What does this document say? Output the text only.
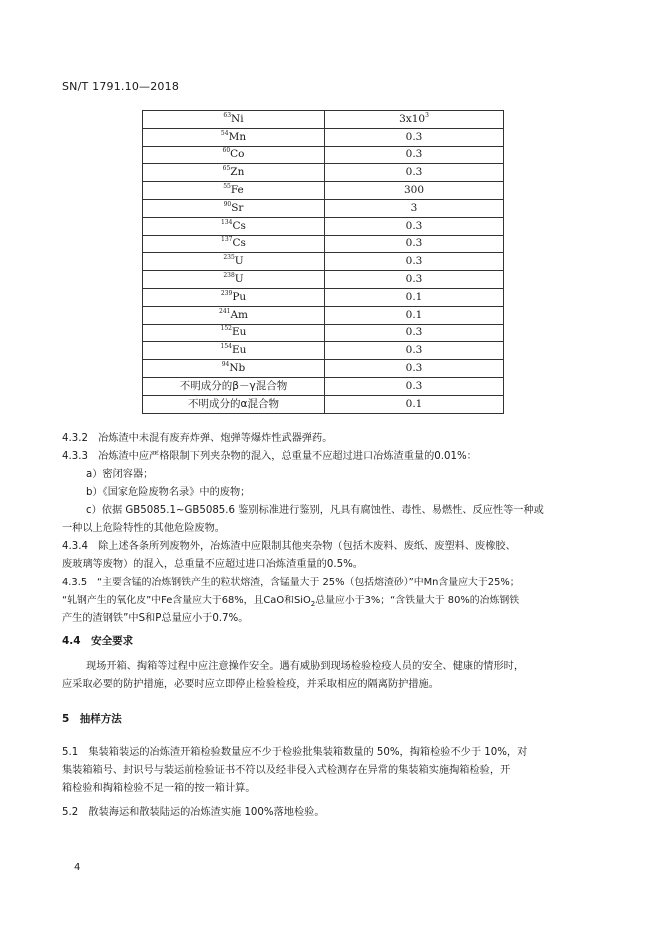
SN/T 1791.10—2018
$^{63}$Ni	$3x10^3$
$^{54}$Mn	0.3
$^{60}$Co	0.3
$^{65}$Zn	0.3
$^{55}$Fe	300
$^{90}$Sr	3
$^{134}$Cs	0.3
$^{137}$Cs	0.3
$^{235}$U	0.3
$^{238}$U	0.3
$^{239}$Pu	0.1
$^{241}$Am	0.1
$^{152}$Eu	0.3
$^{154}$Eu	0.3
$^{94}$Nb	0.3
不明成分的β－γ混合物	0.3
不明成分的α混合物	0.1
4.3.2　冶炼渣中未混有废弃炸弹、炮弹等爆炸性武器弹药。
4.3.3　冶炼渣中应严格限制下列夹杂物的混入，总重量不应超过进口冶炼渣重量的0.01%：
a）密闭容器；
b）《国家危险废物名录》中的废物；
c）依据 GB5085.1~GB5085.6 鉴别标准进行鉴别，凡具有腐蚀性、毒性、易燃性、反应性等一种或
一种以上危险特性的其他危险废物。
4.3.4　除上述各条所列废物外，冶炼渣中应限制其他夹杂物（包括木废料、废纸、废塑料、废橡胶、
废玻璃等废物）的混入，总重量不应超过进口冶炼渣重量的0.5%。
4.3.5　“主要含锰的冶炼钢铁产生的粒状熔渣，含锰量大于 25%（包括熔渣砂）”中Mn含量应大于25%；
“轧钢产生的氧化皮”中Fe含量应大于68%，且CaO和SiO$_2$总量应小于3%；“含铁量大于 80%的冶炼钢铁
产生的渣钢铁”中S和P总量应小于0.7%。
4.4　安全要求
现场开箱、掏箱等过程中应注意操作安全。遇有威胁到现场检验检疫人员的安全、健康的情形时，
应采取必要的防护措施，必要时应立即停止检验检疫，并采取相应的隔离防护措施。
5　抽样方法
5.1　集装箱装运的冶炼渣开箱检验数量应不少于检验批集装箱数量的 50%，掏箱检验不少于 10%，对
集装箱箱号、封识号与装运前检验证书不符以及经非侵入式检测存在异常的集装箱实施掏箱检验，开
箱检验和掏箱检验不足一箱的按一箱计算。
5.2　散装海运和散装陆运的冶炼渣实施 100%落地检验。
4
